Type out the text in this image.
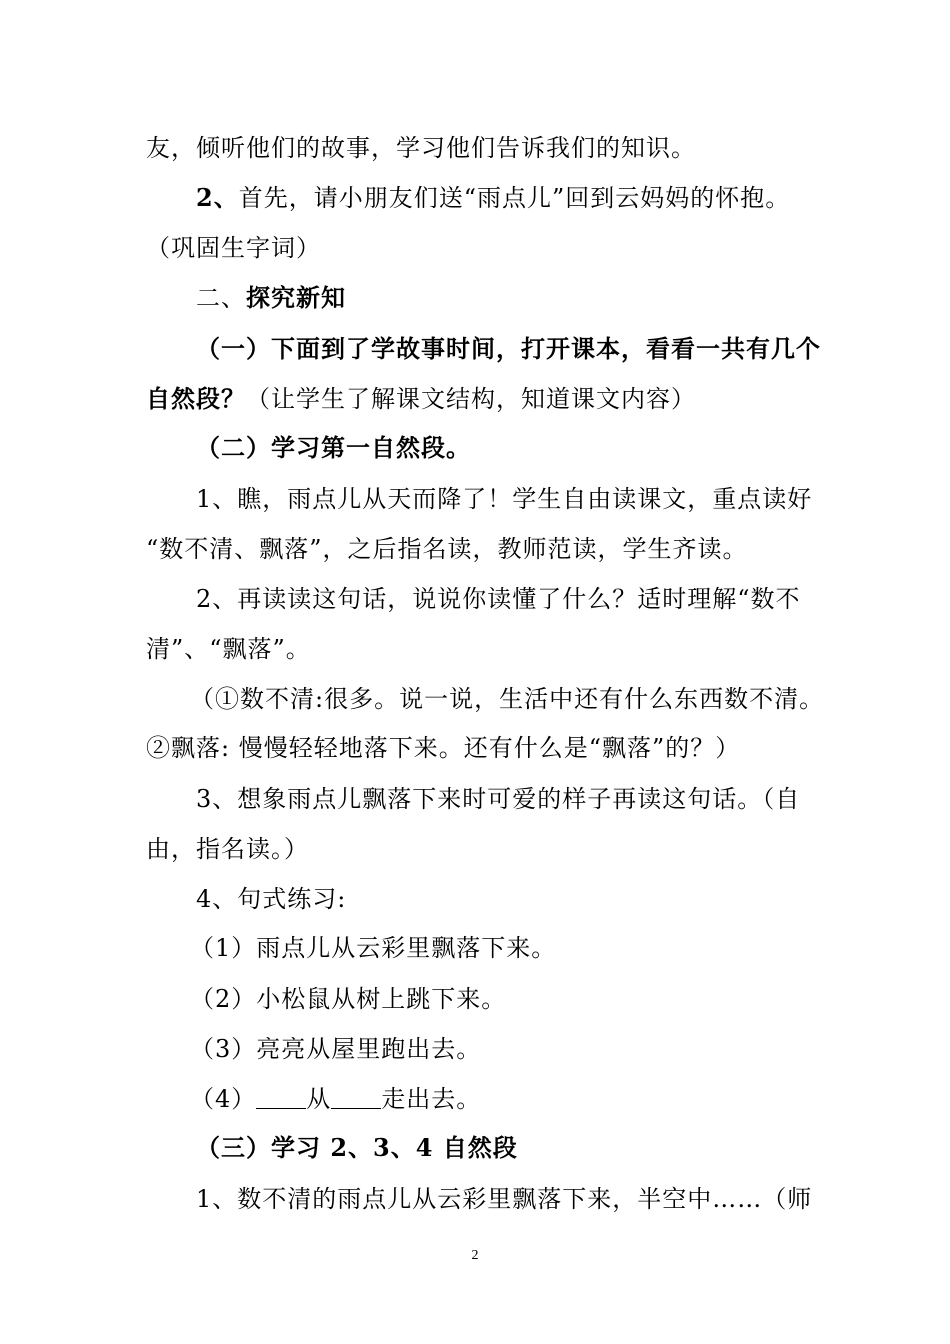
友，倾听他们的故事，学习他们告诉我们的知识。
2、首先，请小朋友们送“雨点儿”回到云妈妈的怀抱。
（巩固生字词）
二、探究新知
（一）下面到了学故事时间，打开课本，看看一共有几个
自然段？（让学生了解课文结构，知道课文内容）
（二）学习第一自然段。
1、瞧，雨点儿从天而降了！学生自由读课文，重点读好
“数不清、飘落”，之后指名读，教师范读，学生齐读。
2、再读读这句话，说说你读懂了什么？适时理解“数不
清”、“飘落”。
（①数不清:很多。说一说，生活中还有什么东西数不清。
②飘落: 慢慢轻轻地落下来。还有什么是“飘落”的？）
3、想象雨点儿飘落下来时可爱的样子再读这句话。（自
由，指名读。）
4、句式练习:
（1）雨点儿从云彩里飘落下来。
（2）小松鼠从树上跳下来。
（3）亮亮从屋里跑出去。
（4） 从 走出去。
（三）学习 2、3、4 自然段
1、数不清的雨点儿从云彩里飘落下来，半空中……（师
2
